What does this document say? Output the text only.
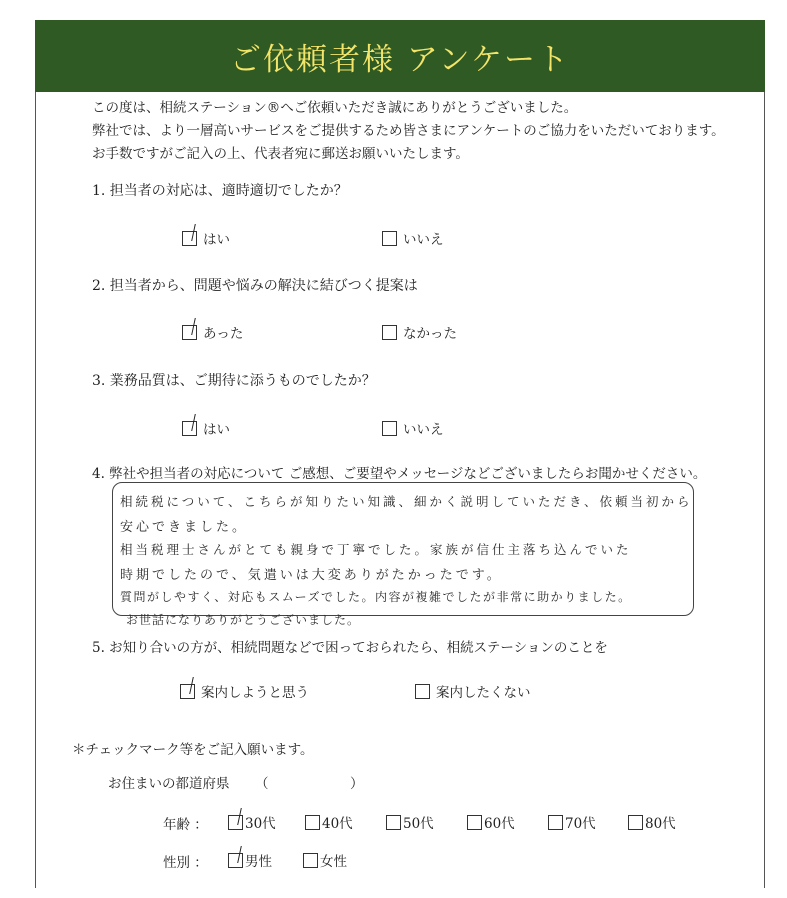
ご依頼者様 アンケート
この度は、相続ステーション®へご依頼いただき誠にありがとうございました。
弊社では、より一層高いサービスをご提供するため皆さまにアンケートのご協力をいただいております。
お手数ですがご記入の上、代表者宛に郵送お願いいたします。
1. 担当者の対応は、適時適切でしたか？
はい	いいえ
2. 担当者から、問題や悩みの解決に結びつく提案は
あった	なかった
3. 業務品質は、ご期待に添うものでしたか？
はい	いいえ
4. 弊社や担当者の対応について ご感想、ご要望やメッセージなどございましたらお聞かせください。
相続税について、こちらが知りたい知識、細かく説明していただき、依頼当初から
安心できました。
相当税理士さんがとても親身で丁寧でした。家族が信仕主落ち込んでいた
時期でしたので、気遣いは大変ありがたかったです。
質問がしやすく、対応もスムーズでした。内容が複雑でしたが非常に助かりました。
お世話になりありがとうございました。
5. お知り合いの方が、相続問題などで困っておられたら、相続ステーションのことを
案内しようと思う	案内したくない
＊チェックマーク等をご記入願います。
お住まいの都道府県 （	）
年齢 ：	30代	40代	50代	60代	70代	80代
性別 ：	男性	女性
